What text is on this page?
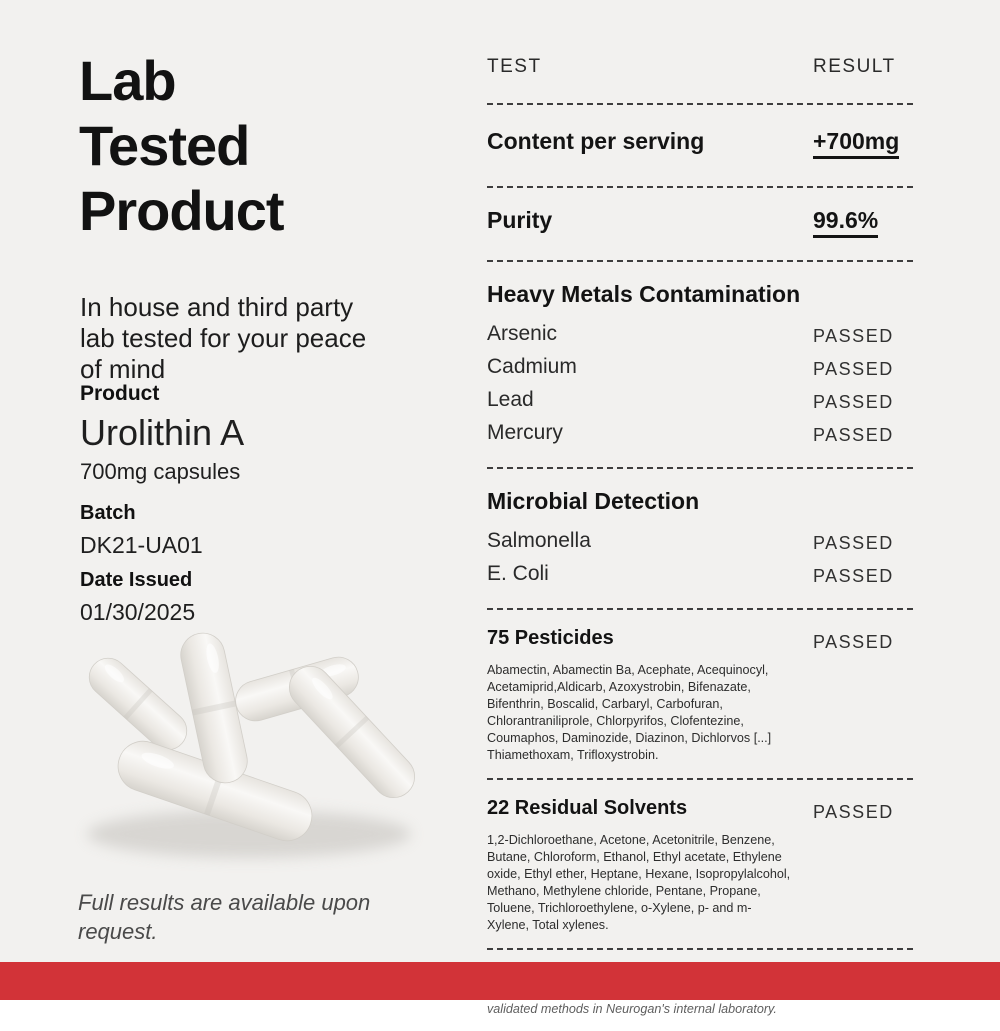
Lab
Tested
Product

In house and third party lab tested for your peace of mind

Product
Urolithin A
700mg capsules
Batch
DK21-UA01
Date Issued
01/30/2025

Full results are available upon request.

TEST	RESULT
Content per serving	+700mg
Purity	99.6%
Heavy Metals Contamination
Arsenic	PASSED
Cadmium	PASSED
Lead	PASSED
Mercury	PASSED
Microbial Detection
Salmonella	PASSED
E. Coli	PASSED
75 Pesticides	PASSED
Abamectin, Abamectin Ba, Acephate, Acequinocyl, Acetamiprid,Aldicarb, Azoxystrobin, Bifenazate, Bifenthrin, Boscalid, Carbaryl, Carbofuran, Chlorantraniliprole, Chlorpyrifos, Clofentezine, Coumaphos, Daminozide, Diazinon, Dichlorvos [...] Thiamethoxam, Trifloxystrobin.
22 Residual Solvents	PASSED
1,2-Dichloroethane, Acetone, Acetonitrile, Benzene, Butane, Chloroform, Ethanol, Ethyl acetate, Ethylene oxide, Ethyl ether, Heptane, Hexane, Isopropylalcohol, Methano, Methylene chloride, Pentane, Propane, Toluene, Trichloroethylene, o-Xylene, p- and m-Xylene, Total xylenes.

validated methods in Neurogan's internal laboratory.
